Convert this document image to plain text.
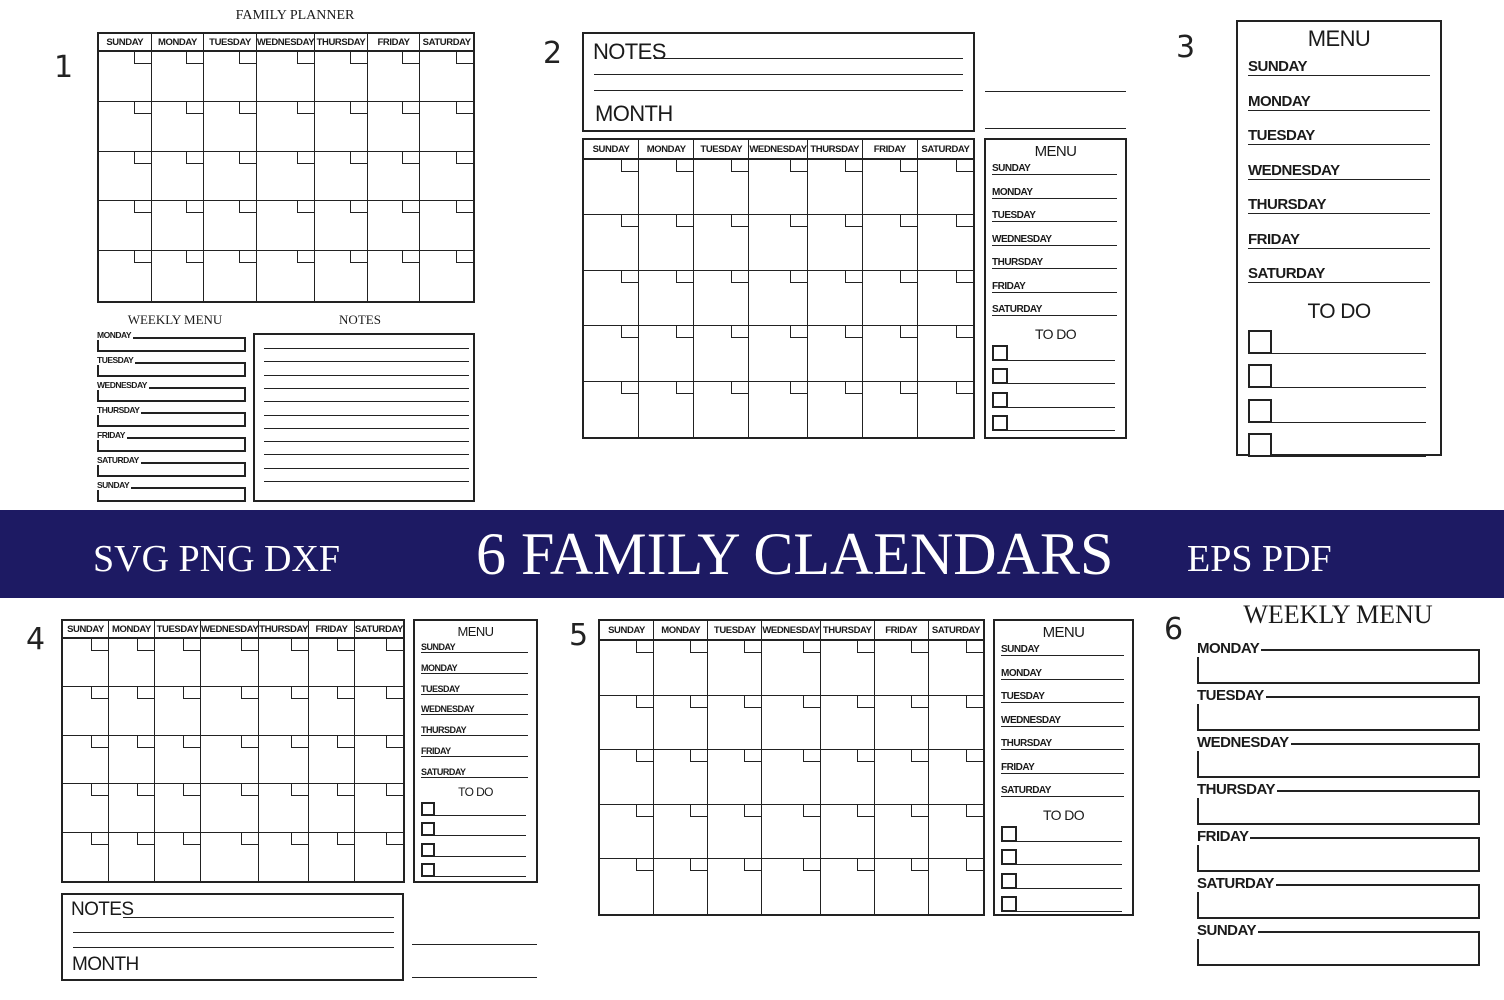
1
FAMILY PLANNER
SUNDAY	MONDAY	TUESDAY WEDNESDAY THURSDAY	FRIDAY	SATURDAY
WEEKLY MENU
MONDAY
TUESDAY
WEDNESDAY
THURSDAY
FRIDAY
SATURDAY
SUNDAY
NOTES
2 NOTES
MONTH
SUNDAY	MONDAY	TUESDAY WEDNESDAY THURSDAY	FRIDAY	SATURDAY	MENU
SUNDAY
MONDAY
TUESDAY
WEDNESDAY
THURSDAY
FRIDAY
SATURDAY
TO DO
3	MENU
SUNDAY
MONDAY
TUESDAY
WEDNESDAY
THURSDAY
FRIDAY
SATURDAY
TO DO
SVG PNG DXF 6 FAMILY CLAENDARS EPS PDF
4	SUNDAY MONDAY TUESDAY WEDNESDAY THURSDAY FRIDAY SATURDAY	MENU
SUNDAY
MONDAY
TUESDAY
WEDNESDAY
THURSDAY
FRIDAY
SATURDAY
TO DO
NOTES
MONTH
5	SUNDAY	MONDAY	TUESDAY WEDNESDAY THURSDAY	FRIDAY	SATURDAY	MENU
SUNDAY
MONDAY
TUESDAY
WEDNESDAY
THURSDAY
FRIDAY
SATURDAY
TO DO
6	WEEKLY MENU
MONDAY
TUESDAY
WEDNESDAY
THURSDAY
FRIDAY
SATURDAY
SUNDAY
